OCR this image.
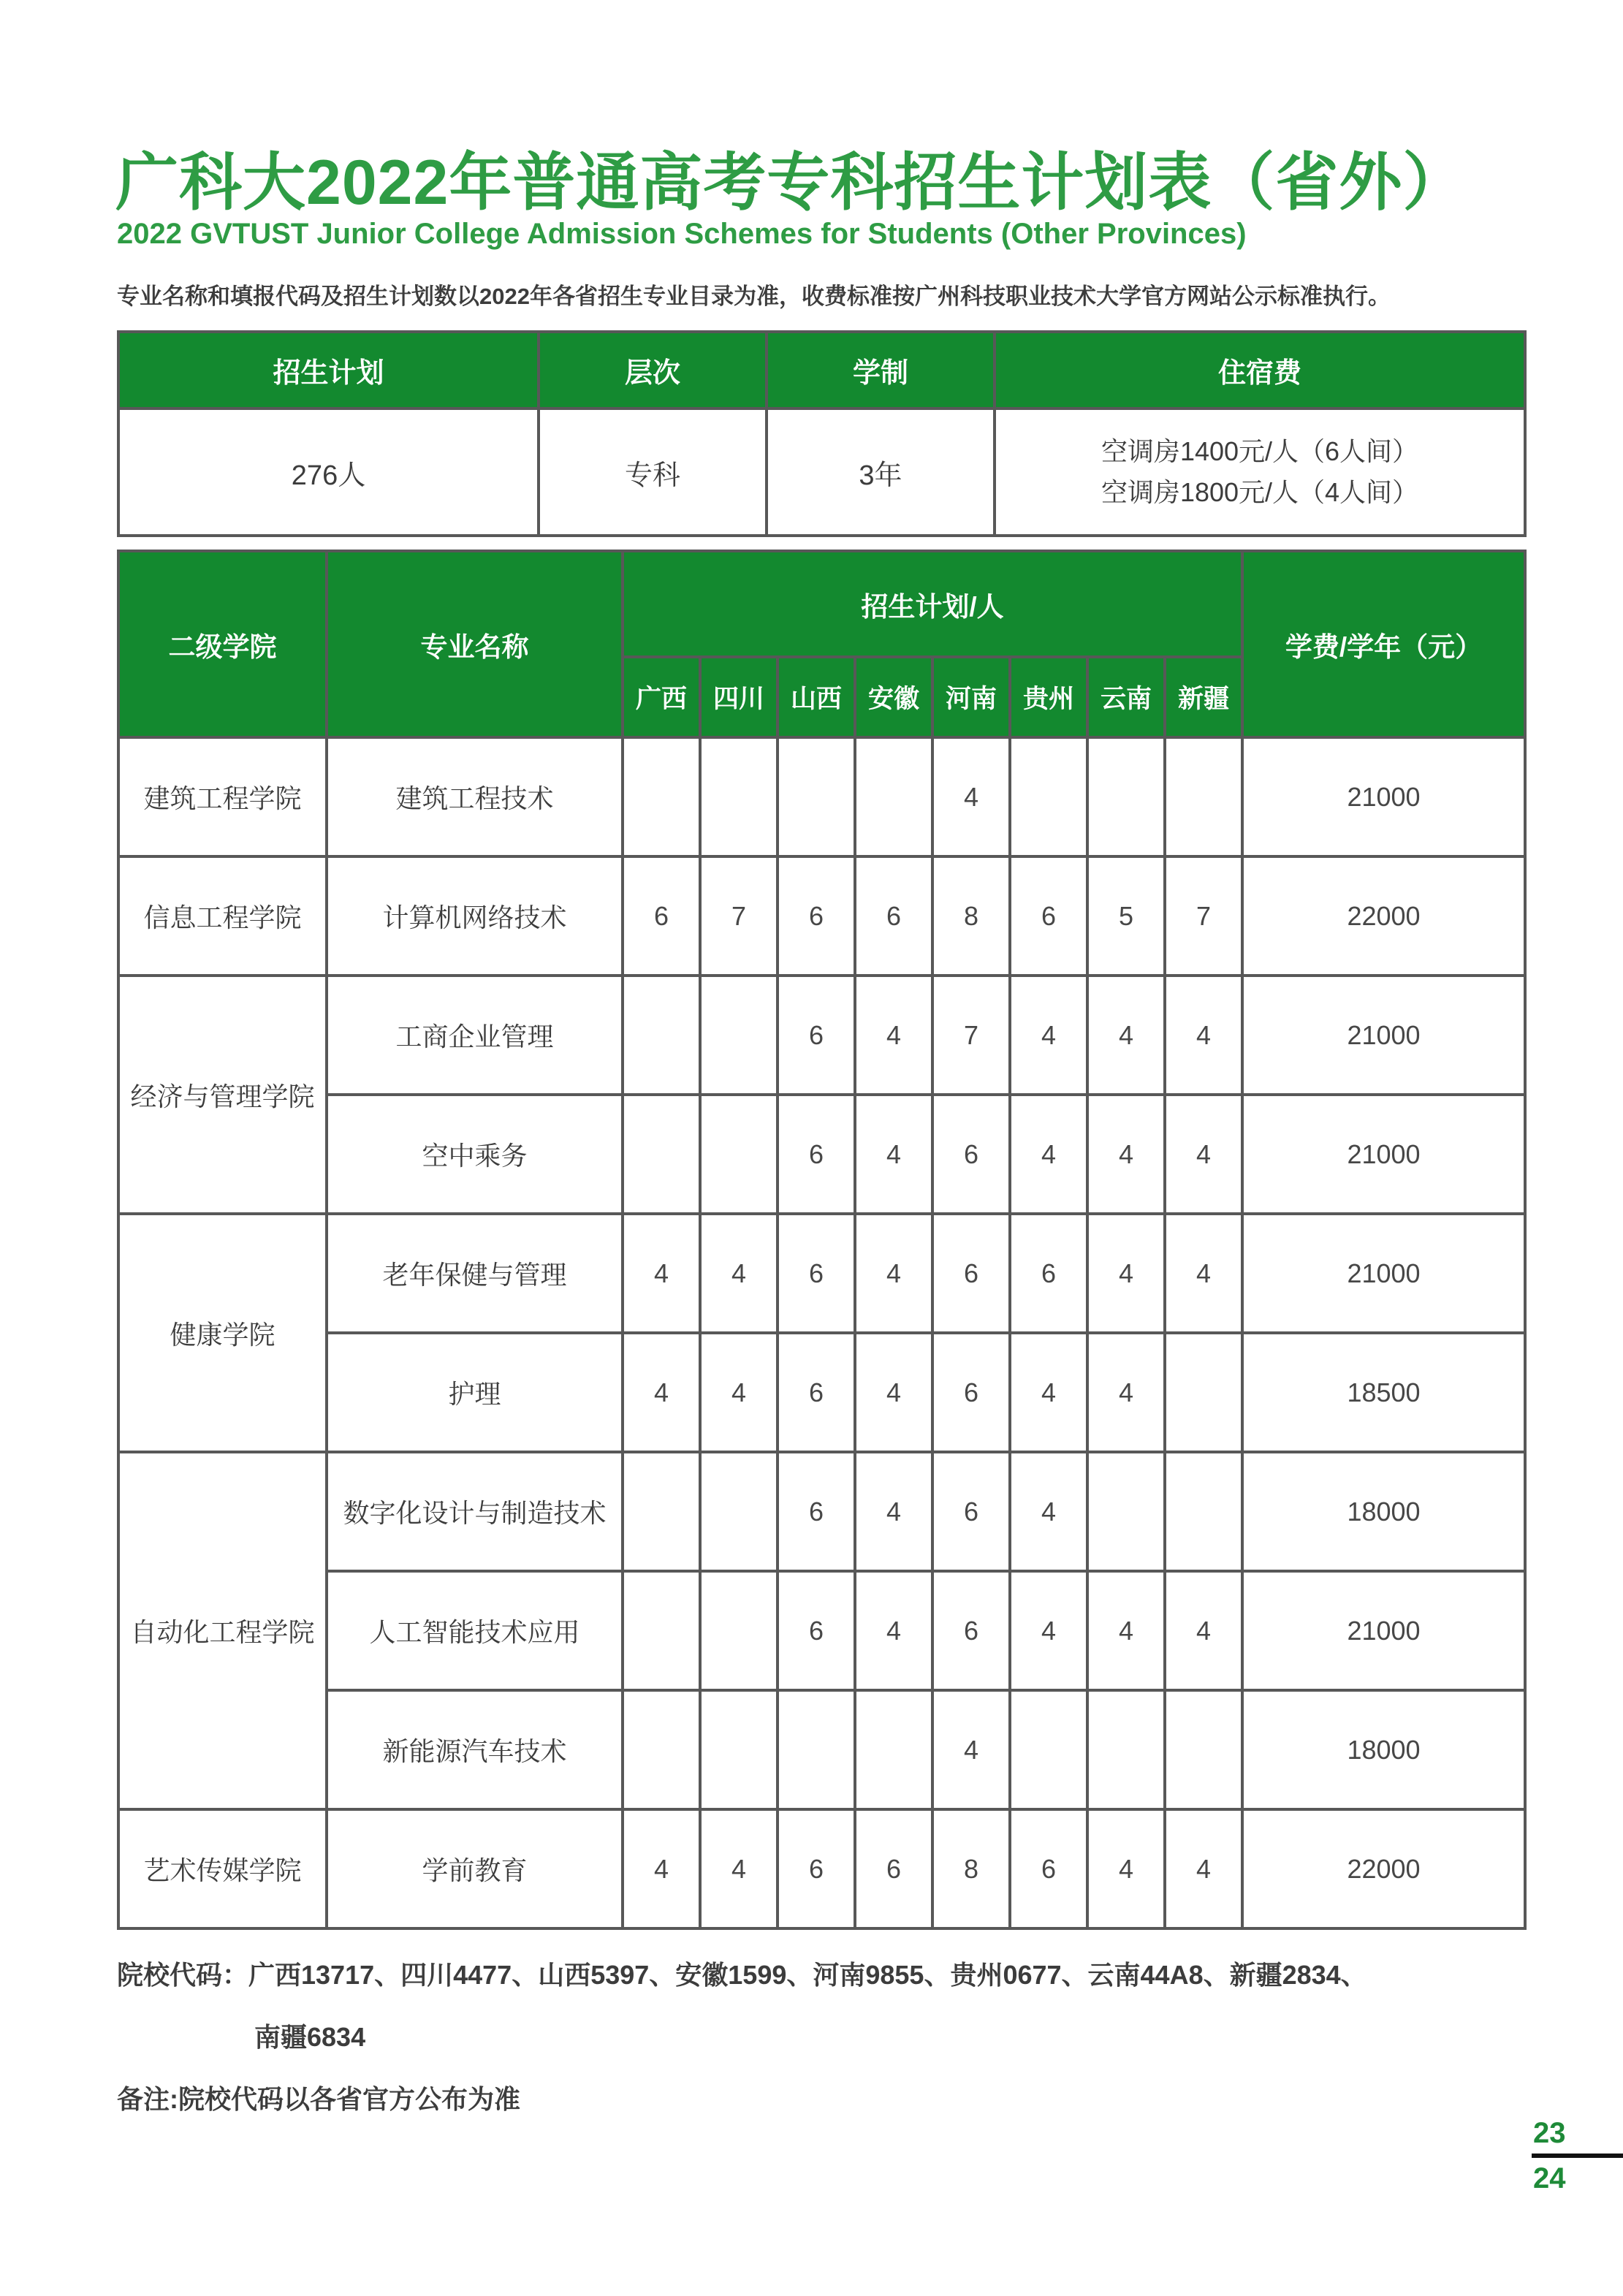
广科大2022年普通高考专科招生计划表（省外）
2022 GVTUST Junior College Admission Schemes for Students (Other Provinces)
专业名称和填报代码及招生计划数以2022年各省招生专业目录为准，收费标准按广州科技职业技术大学官方网站公示标准执行。
招生计划	层次	学制	住宿费
276人	专科	3年	空调房1400元/人（6人间）
空调房1800元/人（4人间）
二级学院	专业名称	招生计划/人								学费/学年（元）
		广西	四川	山西	安徽	河南	贵州	云南	新疆	
建筑工程学院	建筑工程技术					4				21000
信息工程学院	计算机网络技术	6	7	6	6	8	6	5	7	22000
经济与管理学院	工商企业管理			6	4	7	4	4	4	21000
	空中乘务			6	4	6	4	4	4	21000
健康学院	老年保健与管理	4	4	6	4	6	6	4	4	21000
	护理	4	4	6	4	6	4	4		18500
自动化工程学院	数字化设计与制造技术			6	4	6	4			18000
	人工智能技术应用			6	4	6	4	4	4	21000
	新能源汽车技术					4				18000
艺术传媒学院	学前教育	4	4	6	6	8	6	4	4	22000
院校代码：广西13717、四川4477、山西5397、安徽1599、河南9855、贵州0677、云南44A8、新疆2834、
南疆6834
备注:院校代码以各省官方公布为准
23
24
